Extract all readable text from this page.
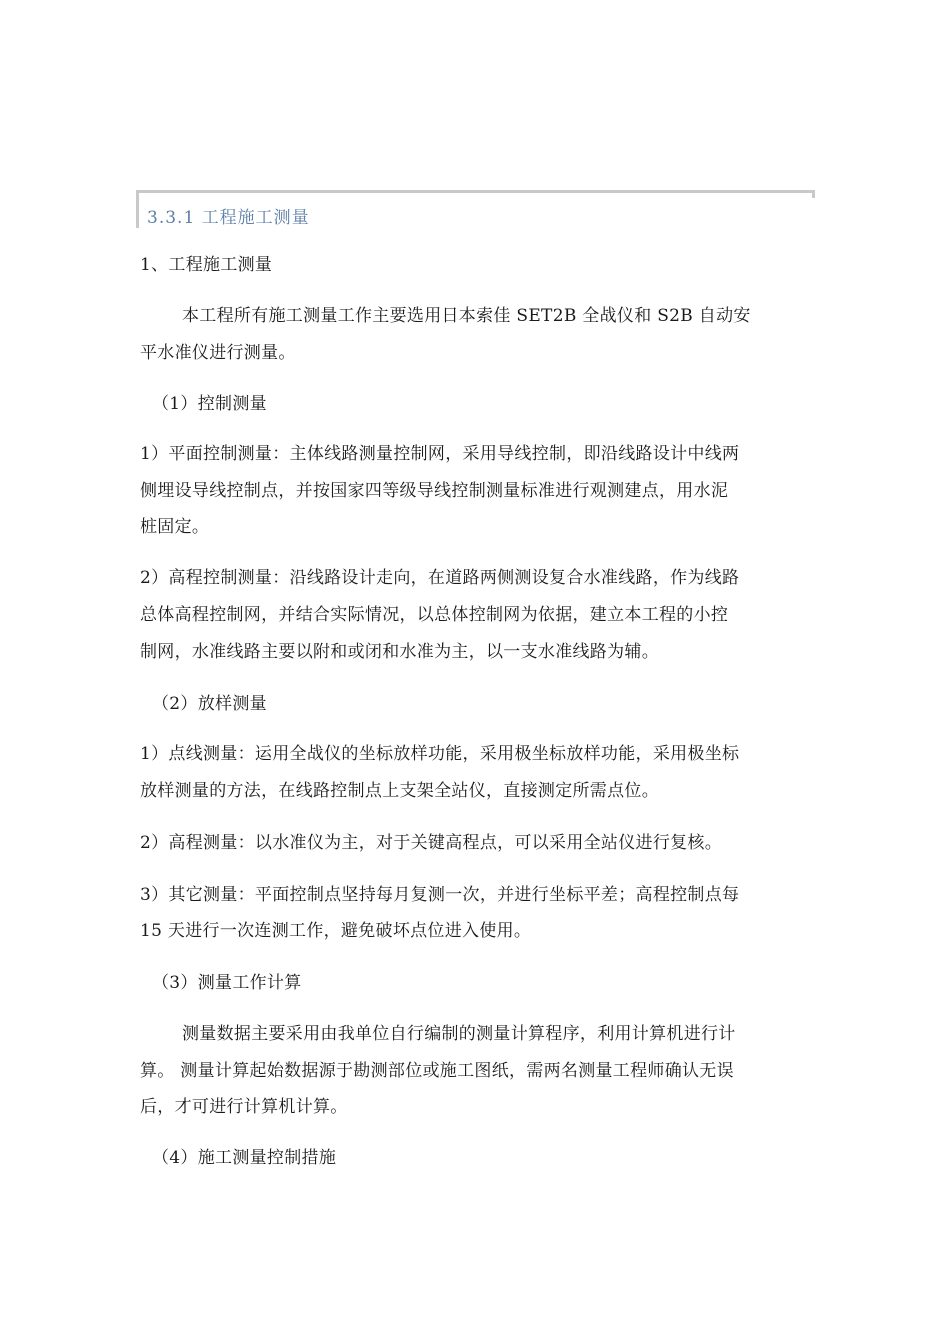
3.3.1 工程施工测量
1、工程施工测量
本工程所有施工测量工作主要选用日本索佳 SET2B 全战仪和 S2B 自动安
平水准仪进行测量。
（1）控制测量
1）平面控制测量：主体线路测量控制网，采用导线控制，即沿线路设计中线两
侧埋设导线控制点，并按国家四等级导线控制测量标准进行观测建点，用水泥
桩固定。
2）高程控制测量：沿线路设计走向，在道路两侧测设复合水准线路，作为线路
总体高程控制网，并结合实际情况，以总体控制网为依据，建立本工程的小控
制网，水准线路主要以附和或闭和水准为主，以一支水准线路为辅。
（2）放样测量
1）点线测量：运用全战仪的坐标放样功能，采用极坐标放样功能，采用极坐标
放样测量的方法，在线路控制点上支架全站仪，直接测定所需点位。
2）高程测量：以水准仪为主，对于关键高程点，可以采用全站仪进行复核。
3）其它测量：平面控制点坚持每月复测一次，并进行坐标平差；高程控制点每
15 天进行一次连测工作，避免破坏点位进入使用。
（3）测量工作计算
测量数据主要采用由我单位自行编制的测量计算程序，利用计算机进行计
算。 测量计算起始数据源于勘测部位或施工图纸，需两名测量工程师确认无误
后，才可进行计算机计算。
（4）施工测量控制措施
